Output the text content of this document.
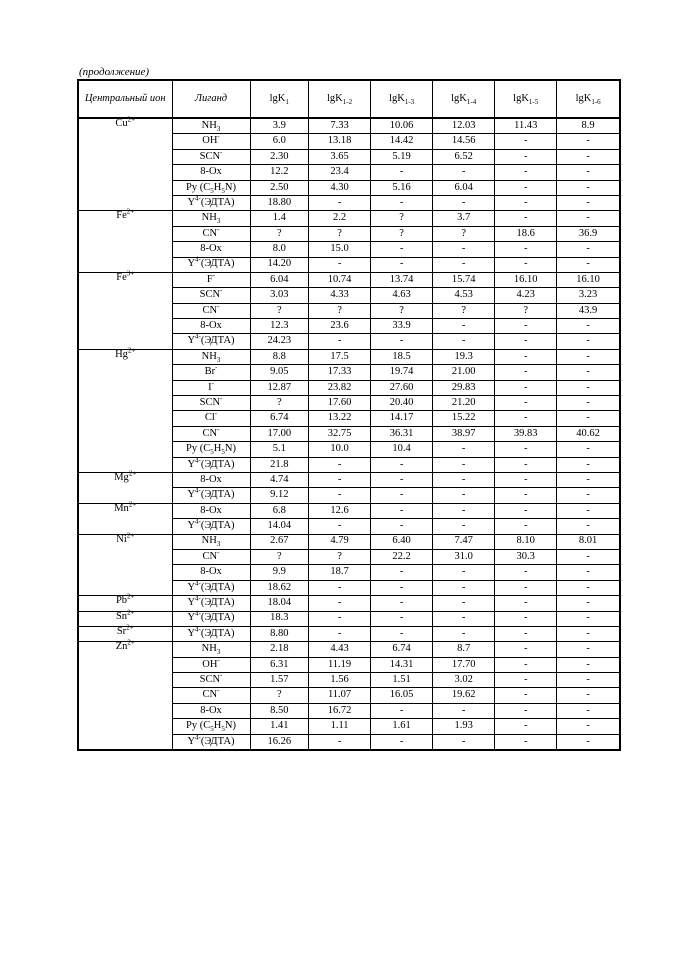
(продолжение)
Центральный ион	Лиганд	lgK$_1$	lgK$_{1-2}$	lgK$_{1-3}$	lgK$_{1-4}$	lgK$_{1-5}$	lgK$_{1-6}$
$Cu^{2+}$	$NH_3$	3.9	7.33	10.06	12.03	11.43	8.9
	OH-	6.0	13.18	14.42	14.56	-	-
	SCN-	2.30	3.65	5.19	6.52	-	-
	8-Ox	12.2	23.4	-	-	-	-
	Py $(C_5H_5N)$	2.50	4.30	5.16	6.04	-	-
	$Y^{4-}(ЭДТА)$	18.80	-	-	-	-	-
$Fe^{2+}$	$NH_3$	1.4	2.2	?	3.7	-	-
	CN-	?	?	?	?	18.6	36.9
	8-Ox	8.0	15.0	-	-	-	-
	$Y^{4-}(ЭДТА)$	14.20	-	-	-	-	-
$Fe^{3+}$	F-	6.04	10.74	13.74	15.74	16.10	16.10
	SCN-	3.03	4.33	4.63	4.53	4.23	3.23
	CN-	?	?	?	?	?	43.9
	8-Ox	12.3	23.6	33.9	-	-	-
	$Y^{4-}(ЭДТА)$	24.23	-	-	-	-	-
$Hg^{2+}$	$NH_3$	8.8	17.5	18.5	19.3	-	-
	Br-	9.05	17.33	19.74	21.00	-	-
	I-	12.87	23.82	27.60	29.83	-	-
	SCN-	?	17.60	20.40	21.20	-	-
	Cl-	6.74	13.22	14.17	15.22	-	-
	CN-	17.00	32.75	36.31	38.97	39.83	40.62
	Py $(C_5H_5N)$	5.1	10.0	10.4	-	-	-
	$Y^{4-}(ЭДТА)$	21.8	-	-	-	-	-
$Mg^{2+}$	8-Ox	4.74	-	-	-	-	-
	$Y^{4-}(ЭДТА)$	9.12	-	-	-	-	-
$Mn^{2+}$	8-Ox	6.8	12.6	-	-	-	-
	$Y^{4-}(ЭДТА)$	14.04	-	-	-	-	-
$Ni^{2+}$	$NH_3$	2.67	4.79	6.40	7.47	8.10	8.01
	CN-	?	?	22.2	31.0	30.3	-
	8-Ox	9.9	18.7	-	-	-	-
	$Y^{4-}(ЭДТА)$	18.62	-	-	-	-	-
$Pb^{2+}$	$Y^{4-}(ЭДТА)$	18.04	-	-	-	-	-
$Sn^{2+}$	$Y^{4-}(ЭДТА)$	18.3	-	-	-	-	-
$Sr^{2+}$	$Y^{4-}(ЭДТА)$	8.80	-	-	-	-	-
$Zn^{2+}$	$NH_3$	2.18	4.43	6.74	8.7	-	-
	OH-	6.31	11.19	14.31	17.70	-	-
	SCN-	1.57	1.56	1.51	3.02	-	-
	CN-	?	11.07	16.05	19.62	-	-
	8-Ox	8.50	16.72	-	-	-	-
	Py $(C_5H_5N)$	1.41	1.11	1.61	1.93	-	-
	$Y^{4-}(ЭДТА)$	16.26	-	-	-	-	-
